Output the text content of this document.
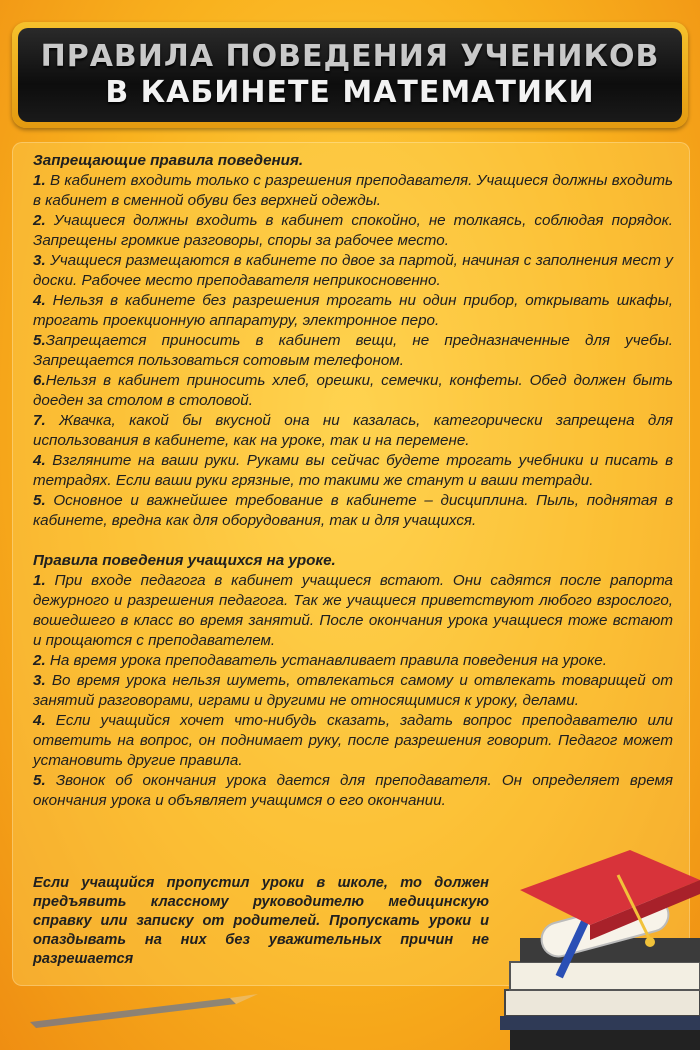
ПРАВИЛА ПОВЕДЕНИЯ УЧЕНИКОВ
В КАБИНЕТЕ МАТЕМАТИКИ

Запрещающие правила поведения.

1. В кабинет входить только с разрешения преподавателя. Учащиеся должны входить в кабинет в сменной обуви без верхней одежды.

2. Учащиеся должны входить в кабинет спокойно, не толкаясь, соблюдая порядок. Запрещены громкие разговоры, споры за рабочее место.

3. Учащиеся размещаются в кабинете по двое за партой, начиная с заполнения мест у доски. Рабочее место преподавателя неприкосновенно.

4. Нельзя в кабинете без разрешения трогать ни один прибор, открывать шкафы, трогать проекционную аппаратуру, электронное перо.

5.Запрещается приносить в кабинет вещи, не предназначенные для учебы. Запрещается пользоваться сотовым телефоном.

6.Нельзя в кабинет приносить хлеб, орешки, семечки, конфеты. Обед должен быть доеден за столом в столовой.

7. Жвачка, какой бы вкусной она ни казалась, категорически запрещена для использования в кабинете, как на уроке, так и на перемене.

4. Взгляните на ваши руки. Руками вы сейчас будете трогать учебники и писать в тетрадях. Если ваши руки грязные, то такими же станут и ваши тетради.

5. Основное и важнейшее требование в кабинете – дисциплина. Пыль, поднятая в кабинете, вредна как для оборудования, так и для учащихся.

Правила поведения учащихся на уроке.

1. При входе педагога в кабинет учащиеся встают. Они садятся после рапорта дежурного и разрешения педагога. Так же учащиеся приветствуют любого взрослого, вошедшего в класс во время занятий. После окончания урока учащиеся тоже встают и прощаются с преподавателем.

2. На время урока преподаватель устанавливает правила поведения на уроке.

3. Во время урока нельзя шуметь, отвлекаться самому и отвлекать товарищей от занятий разговорами, играми и другими не относящимися к уроку, делами.

4. Если учащийся хочет что-нибудь сказать, задать вопрос преподавателю или ответить на вопрос, он поднимает руку, после разрешения говорит. Педагог может установить другие правила.

5. Звонок об окончания урока дается для преподавателя. Он определяет время окончания урока и объявляет учащимся о его окончании.

Если учащийся пропустил уроки в школе, то должен предъявить классному руководителю медицинскую справку или записку от родителей. Пропускать уроки и опаздывать на них без уважительных причин не разрешается
